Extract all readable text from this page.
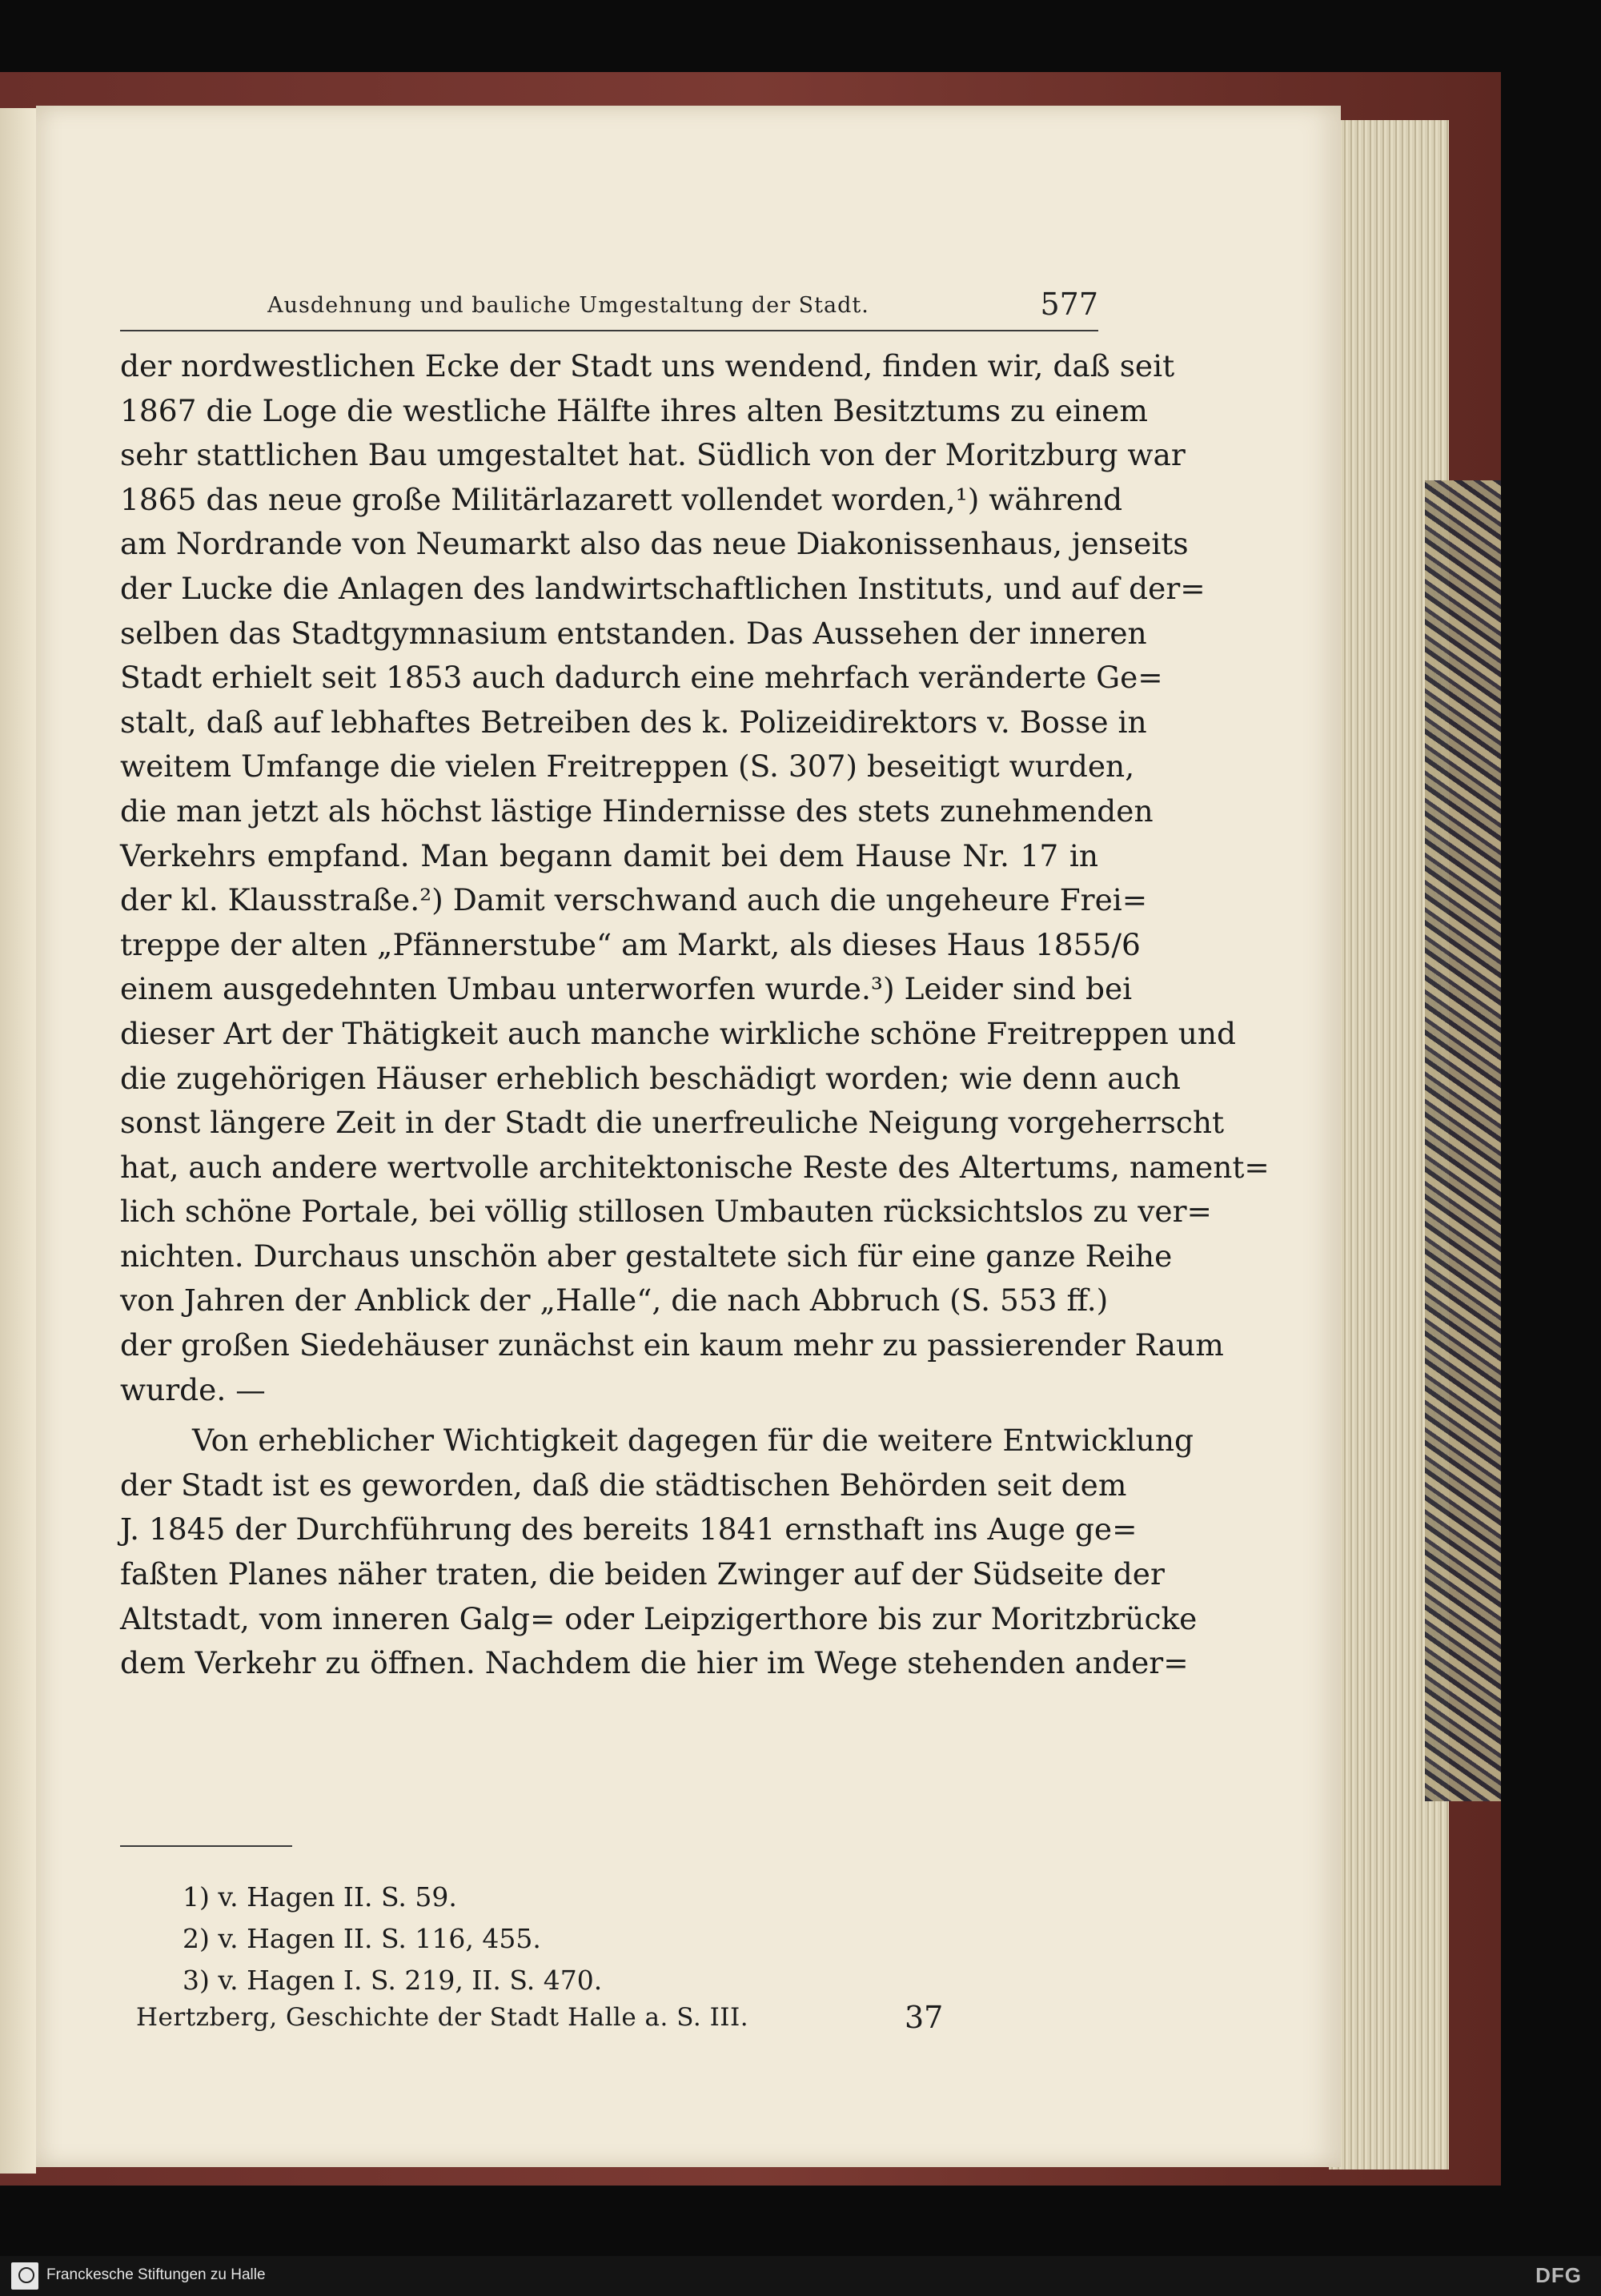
Ausdehnung und bauliche Umgestaltung der Stadt.	577
der nordwestlichen Ecke der Stadt uns wendend, finden wir, daß seit
1867 die Loge die westliche Hälfte ihres alten Besitztums zu einem
sehr stattlichen Bau umgestaltet hat. Südlich von der Moritzburg war
1865 das neue große Militärlazarett vollendet worden,¹) während
am Nordrande von Neumarkt also das neue Diakonissenhaus, jenseits
der Lucke die Anlagen des landwirtschaftlichen Instituts, und auf der=
selben das Stadtgymnasium entstanden. Das Aussehen der inneren
Stadt erhielt seit 1853 auch dadurch eine mehrfach veränderte Ge=
stalt, daß auf lebhaftes Betreiben des k. Polizeidirektors v. Bosse in
weitem Umfange die vielen Freitreppen (S. 307) beseitigt wurden,
die man jetzt als höchst lästige Hindernisse des stets zunehmenden
Verkehrs empfand. Man begann damit bei dem Hause Nr. 17 in
der kl. Klausstraße.²) Damit verschwand auch die ungeheure Frei=
treppe der alten „Pfännerstube“ am Markt, als dieses Haus 1855/6
einem ausgedehnten Umbau unterworfen wurde.³) Leider sind bei
dieser Art der Thätigkeit auch manche wirkliche schöne Freitreppen und
die zugehörigen Häuser erheblich beschädigt worden; wie denn auch
sonst längere Zeit in der Stadt die unerfreuliche Neigung vorgeherrscht
hat, auch andere wertvolle architektonische Reste des Altertums, nament=
lich schöne Portale, bei völlig stillosen Umbauten rücksichtslos zu ver=
nichten. Durchaus unschön aber gestaltete sich für eine ganze Reihe
von Jahren der Anblick der „Halle“, die nach Abbruch (S. 553 ff.)
der großen Siedehäuser zunächst ein kaum mehr zu passierender Raum
wurde. —
Von erheblicher Wichtigkeit dagegen für die weitere Entwicklung
der Stadt ist es geworden, daß die städtischen Behörden seit dem
J. 1845 der Durchführung des bereits 1841 ernsthaft ins Auge ge=
faßten Planes näher traten, die beiden Zwinger auf der Südseite der
Altstadt, vom inneren Galg= oder Leipzigerthore bis zur Moritzbrücke
dem Verkehr zu öffnen. Nachdem die hier im Wege stehenden ander=
1) v. Hagen II. S. 59.
2) v. Hagen II. S. 116, 455.
3) v. Hagen I. S. 219, II. S. 470.
Hertzberg, Geschichte der Stadt Halle a. S. III.	37
Franckesche Stiftungen zu Halle	DFG
